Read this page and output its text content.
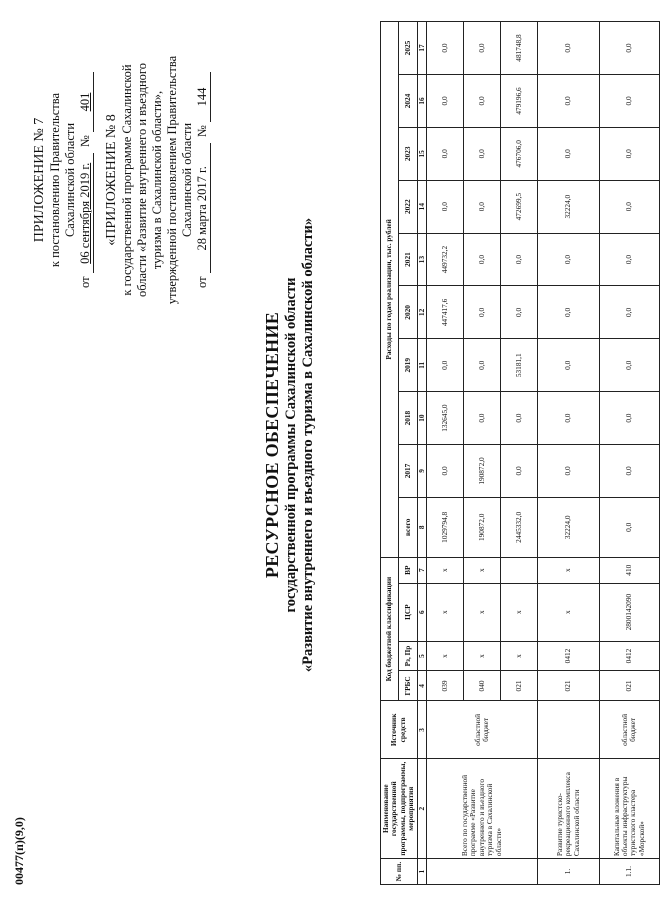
00477(п)(9,0)
ПРИЛОЖЕНИЕ № 7 к постановлению Правительства Сахалинской области
от 06 сентября 2019 г.  № 401
«ПРИЛОЖЕНИЕ № 8 к государственной программе Сахалинской области «Развитие внутреннего и въездного туризма в Сахалинской области», утвержденной постановлением Правительства Сахалинской области
от 28 марта 2017 г.  № 144
РЕСУРСНОЕ ОБЕСПЕЧЕНИЕ государственной программы Сахалинской области «Развитие внутреннего и въездного туризма в Сахалинской области»
№ пп.	Наименование государственной программы, подпрограммы, мероприятия	Источник средств	Код бюджетной классификации				Расходы по годам реализации, тыс. рублей									
			ГРБС	Рз, Пр	ЦСР	ВР	всего	2017	2018	2019	2020	2021	2022	2023	2024	2025
1	2	3	4	5	6	7	8	9	10	11	12	13	14	15	16	17
	Всего по государственной программе «Развитие внутреннего и въездного туризма в Сахалинской области»	областной бюджет	039	х	х	х	1029794,8	0,0	132645,0	0,0	447417,6	449732,2	0,0	0,0	0,0	0,0
			040	х	х	х	190872,0	190872,0	0,0	0,0	0,0	0,0	0,0	0,0	0,0	0,0
			021	х	х		2445332,0	0,0	0,0	53181,1	0,0	0,0	472699,5	476706,0	479196,6	481748,8
1.	Развитие туристско-рекреационного комплекса Сахалинской области		021	0412	х	х	32224,0	0,0	0,0	0,0	0,0	0,0	32224,0	0,0	0,0	0,0
1.1.	Капитальные вложения в объекты инфраструктуры туристского кластера «Морской»	областной бюджет	021	0412	2800142090	410	0,0	0,0	0,0	0,0	0,0	0,0	0,0	0,0	0,0	0,0
